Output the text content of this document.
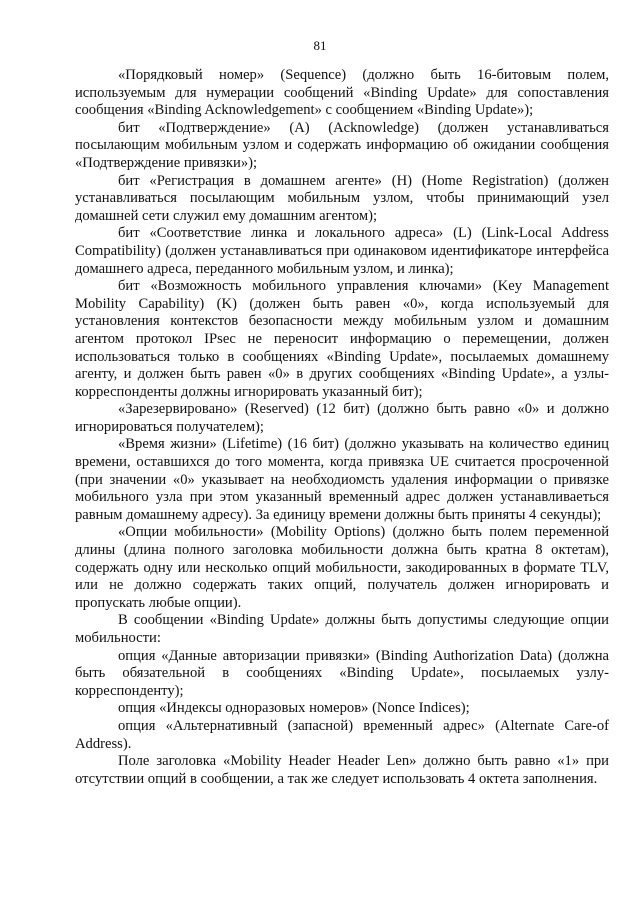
81

«Порядковый номер» (Sequence) (должно быть 16-битовым полем, используемым для нумерации сообщений «Binding Update» для сопоставления сообщения «Binding Acknowledgement» с сообщением «Binding Update»);

бит «Подтверждение» (A) (Acknowledge) (должен устанавливаться посылающим мобильным узлом и содержать информацию об ожидании сообщения «Подтверждение привязки»);

бит «Регистрация в домашнем агенте» (H) (Home Registration) (должен устанавливаться посылающим мобильным узлом, чтобы принимающий узел домашней сети служил ему домашним агентом);

бит «Соответствие линка и локального адреса» (L) (Link-Local Address Compatibility) (должен устанавливаться при одинаковом идентификаторе интерфейса домашнего адреса, переданного мобильным узлом, и линка);

бит «Возможность мобильного управления ключами» (Key Management Mobility Capability) (K) (должен быть равен «0», когда используемый для установления контекстов безопасности между мобильным узлом и домашним агентом протокол IPsec не переносит информацию о перемещении, должен использоваться только в сообщениях «Binding Update», посылаемых домашнему агенту, и должен быть равен «0» в других сообщениях «Binding Update», а узлы-корреспонденты должны игнорировать указанный бит);

«Зарезервировано» (Reserved) (12 бит) (должно быть равно «0» и должно игнорироваться получателем);

«Время жизни» (Lifetime) (16 бит) (должно указывать на количество единиц времени, оставшихся до того момента, когда привязка UE считается просроченной (при значении «0» указывает на необходиомсть удаления информации о привязке мобильного узла при этом указанный временный адрес должен устанавливаеться равным домашнему адресу). За единицу времени должны быть приняты 4 секунды);

«Опции мобильности» (Mobility Options) (должно быть полем переменной длины (длина полного заголовка мобильности должна быть кратна 8 октетам), содержать одну или несколько опций мобильности, закодированных в формате TLV, или не должно содержать таких опций, получатель должен игнорировать и пропускать любые опции).

В сообщении «Binding Update» должны быть допустимы следующие опции мобильности:

опция «Данные авторизации привязки» (Binding Authorization Data) (должна быть обязательной в сообщениях «Binding Update», посылаемых узлу-корреспонденту);

опция «Индексы одноразовых номеров» (Nonce Indices);

опция «Альтернативный (запасной) временный адрес» (Alternate Care-of Address).

Поле заголовка «Mobility Header Header Len» должно быть равно «1» при отсутствии опций в сообщении, а так же следует использовать 4 октета заполнения.
